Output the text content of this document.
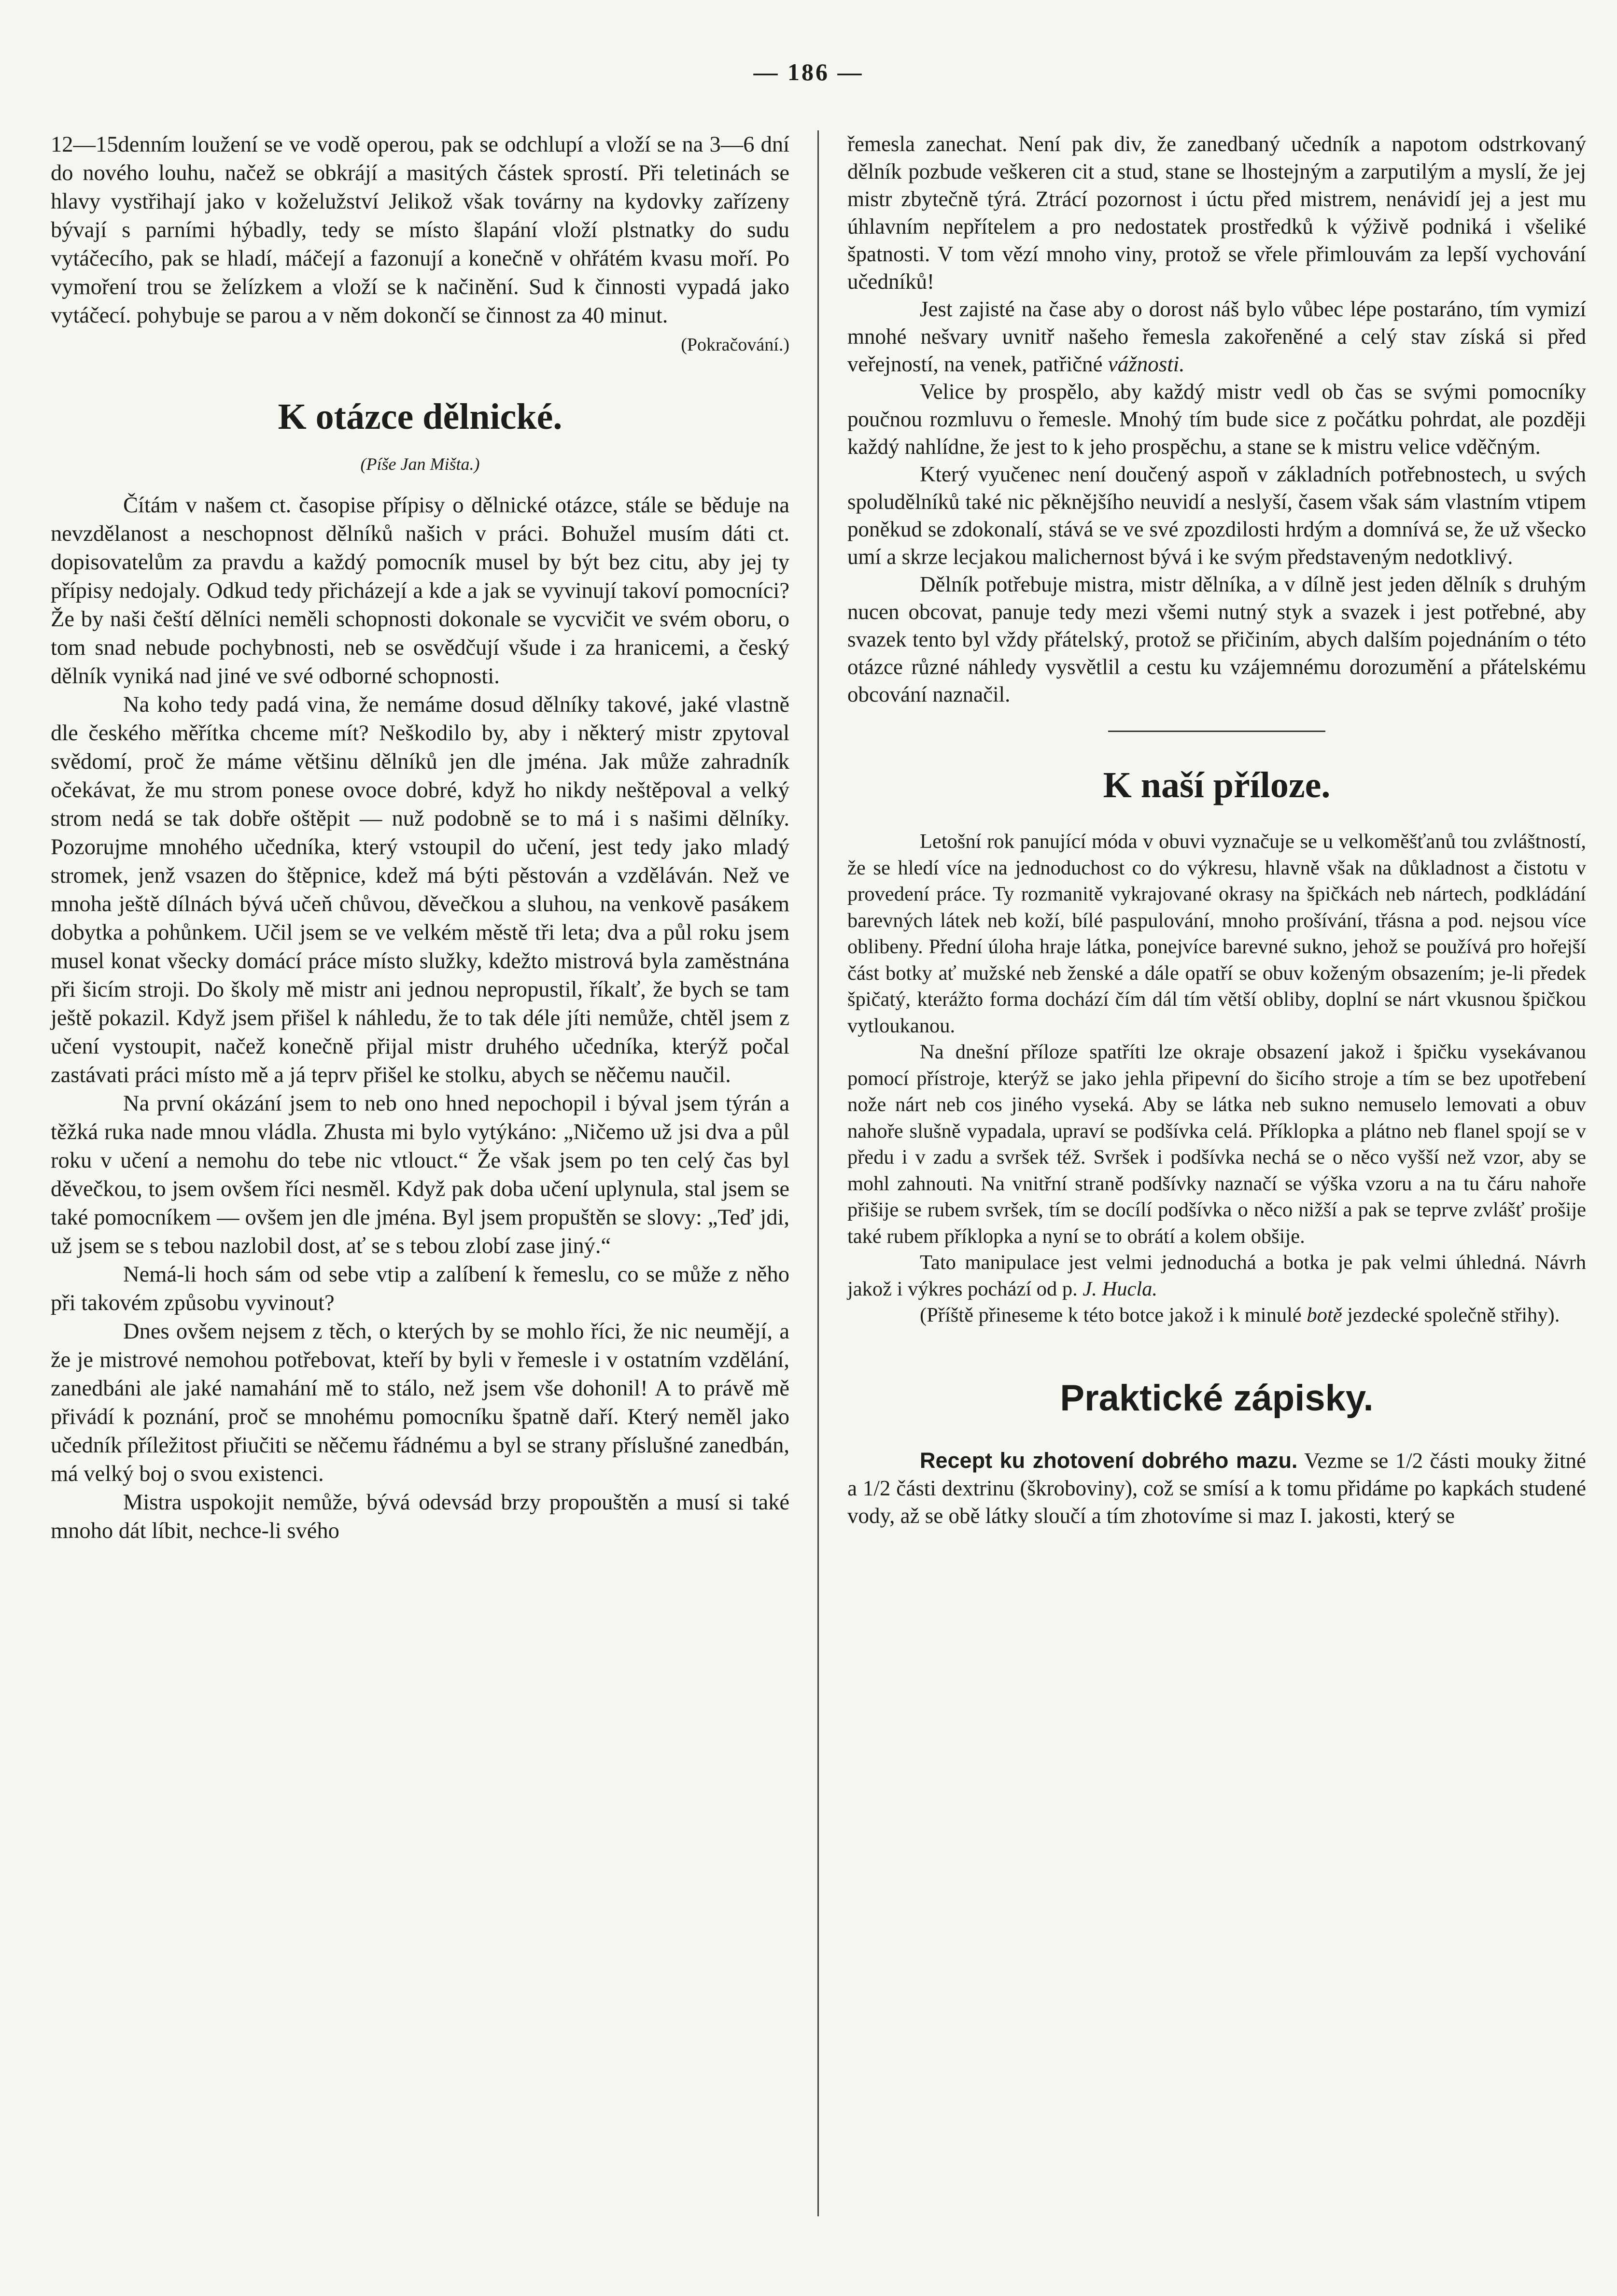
— 186 —

12—15denním loužení se ve vodě operou, pak se odchlupí a vloží se na 3—6 dní do nového louhu, načež se obkrájí a masitých částek sprostí. Při teletinách se hlavy vystřihají jako v koželužství Jelikož však továrny na kydovky zařízeny bývají s parními hýbadly, tedy se místo šlapání vloží plstnatky do sudu vytáčecího, pak se hladí, máčejí a fazonují a konečně v ohřátém kvasu moří. Po vymoření trou se želízkem a vloží se k načinění. Sud k činnosti vypadá jako vytáčecí. pohybuje se parou a v něm dokončí se činnost za 40 minut.

(Pokračování.)
K otázce dělnické.
(Píše Jan Mišta.)

Čítám v našem ct. časopise přípisy o dělnické otázce, stále se běduje na nevzdělanost a neschopnost dělníků našich v práci. Bohužel musím dáti ct. dopisovatelům za pravdu a každý pomocník musel by být bez citu, aby jej ty přípisy nedojaly. Odkud tedy přicházejí a kde a jak se vyvinují takoví pomocníci? Že by naši čeští dělníci neměli schopnosti dokonale se vycvičit ve svém oboru, o tom snad nebude pochybnosti, neb se osvědčují všude i za hranicemi, a český dělník vyniká nad jiné ve své odborné schopnosti.

Na koho tedy padá vina, že nemáme dosud dělníky takové, jaké vlastně dle českého měřítka chceme mít? Neškodilo by, aby i některý mistr zpytoval svědomí, proč že máme většinu dělníků jen dle jména. Jak může zahradník očekávat, že mu strom ponese ovoce dobré, když ho nikdy neštěpoval a velký strom nedá se tak dobře oštěpit — nuž podobně se to má i s našimi dělníky. Pozorujme mnohého učedníka, který vstoupil do učení, jest tedy jako mladý stromek, jenž vsazen do štěpnice, kdež má býti pěstován a vzděláván. Než ve mnoha ještě dílnách bývá učeň chůvou, děvečkou a sluhou, na venkově pasákem dobytka a pohůnkem. Učil jsem se ve velkém městě tři leta; dva a půl roku jsem musel konat všecky domácí práce místo služky, kdežto mistrová byla zaměstnána při šicím stroji. Do školy mě mistr ani jednou nepropustil, říkalť, že bych se tam ještě pokazil. Když jsem přišel k náhledu, že to tak déle jíti nemůže, chtěl jsem z učení vystoupit, načež konečně přijal mistr druhého učedníka, kterýž počal zastávati práci místo mě a já teprv přišel ke stolku, abych se něčemu naučil.

Na první okázání jsem to neb ono hned nepochopil i býval jsem týrán a těžká ruka nade mnou vládla. Zhusta mi bylo vytýkáno: „Ničemo už jsi dva a půl roku v učení a nemohu do tebe nic vtlouct.“ Že však jsem po ten celý čas byl děvečkou, to jsem ovšem říci nesměl. Když pak doba učení uplynula, stal jsem se také pomocníkem — ovšem jen dle jména. Byl jsem propuštěn se slovy: „Teď jdi, už jsem se s tebou nazlobil dost, ať se s tebou zlobí zase jiný.“

Nemá-li hoch sám od sebe vtip a zalíbení k řemeslu, co se může z něho při takovém způsobu vyvinout?

Dnes ovšem nejsem z těch, o kterých by se mohlo říci, že nic neumějí, a že je mistrové nemohou potřebovat, kteří by byli v řemesle i v ostatním vzdělání, zanedbáni ale jaké namahání mě to stálo, než jsem vše dohonil! A to právě mě přivádí k poznání, proč se mnohému pomocníku špatně daří. Který neměl jako učedník příležitost přiučiti se něčemu řádnému a byl se strany příslušné zanedbán, má velký boj o svou existenci.

Mistra uspokojit nemůže, bývá odevsád brzy propouštěn a musí si také mnoho dát líbit, nechce-li svého

řemesla zanechat. Není pak div, že zanedbaný učedník a napotom odstrkovaný dělník pozbude veškeren cit a stud, stane se lhostejným a zarputilým a myslí, že jej mistr zbytečně týrá. Ztrácí pozornost i úctu před mistrem, nenávidí jej a jest mu úhlavním nepřítelem a pro nedostatek prostředků k výživě podniká i všeliké špatnosti. V tom vězí mnoho viny, protož se vřele přimlouvám za lepší vychování učedníků!

Jest zajisté na čase aby o dorost náš bylo vůbec lépe postaráno, tím vymizí mnohé nešvary uvnitř našeho řemesla zakořeněné a celý stav získá si před veřejností, na venek, patřičné vážnosti.

Velice by prospělo, aby každý mistr vedl ob čas se svými pomocníky poučnou rozmluvu o řemesle. Mnohý tím bude sice z počátku pohrdat, ale později každý nahlídne, že jest to k jeho prospěchu, a stane se k mistru velice vděčným.

Který vyučenec není doučený aspoň v základních potřebnostech, u svých spoludělníků také nic pěknějšího neuvidí a neslyší, časem však sám vlastním vtipem poněkud se zdokonalí, stává se ve své zpozdilosti hrdým a domnívá se, že už všecko umí a skrze lecjakou malichernost bývá i ke svým představeným nedotklivý.

Dělník potřebuje mistra, mistr dělníka, a v dílně jest jeden dělník s druhým nucen obcovat, panuje tedy mezi všemi nutný styk a svazek i jest potřebné, aby svazek tento byl vždy přátelský, protož se přičiním, abych dalším pojednáním o této otázce různé náhledy vysvětlil a cestu ku vzájemnému dorozumění a přátelskému obcování naznačil.

K naší příloze.

Letošní rok panující móda v obuvi vyznačuje se u velkoměšťanů tou zvláštností, že se hledí více na jednoduchost co do výkresu, hlavně však na důkladnost a čistotu v provedení práce. Ty rozmanitě vykrajované okrasy na špičkách neb nártech, podkládání barevných látek neb koží, bílé paspulování, mnoho prošívání, třásna a pod. nejsou více oblibeny. Přední úloha hraje látka, ponejvíce barevné sukno, jehož se používá pro hořejší část botky ať mužské neb ženské a dále opatří se obuv koženým obsazením; je-li předek špičatý, kterážto forma dochází čím dál tím větší obliby, doplní se nárt vkusnou špičkou vytloukanou.

Na dnešní příloze spatříti lze okraje obsazení jakož i špičku vysekávanou pomocí přístroje, kterýž se jako jehla připevní do šicího stroje a tím se bez upotřebení nože nárt neb cos jiného vyseká. Aby se látka neb sukno nemuselo lemovati a obuv nahoře slušně vypadala, upraví se podšívka celá. Příklopka a plátno neb flanel spojí se v předu i v zadu a svršek též. Svršek i podšívka nechá se o něco vyšší než vzor, aby se mohl zahnouti. Na vnitřní straně podšívky naznačí se výška vzoru a na tu čáru nahoře přišije se rubem svršek, tím se docílí podšívka o něco nižší a pak se teprve zvlášť prošije také rubem příklopka a nyní se to obrátí a kolem obšije.

Tato manipulace jest velmi jednoduchá a botka je pak velmi úhledná. Návrh jakož i výkres pochází od p. J. Hucla.

(Příště přineseme k této botce jakož i k minulé botě jezdecké společně střihy).

Praktické zápisky.

Recept ku zhotovení dobrého mazu. Vezme se 1/2 části mouky žitné a 1/2 části dextrinu (škroboviny), což se smísí a k tomu přidáme po kapkách studené vody, až se obě látky sloučí a tím zhotovíme si maz I. jakosti, který se
